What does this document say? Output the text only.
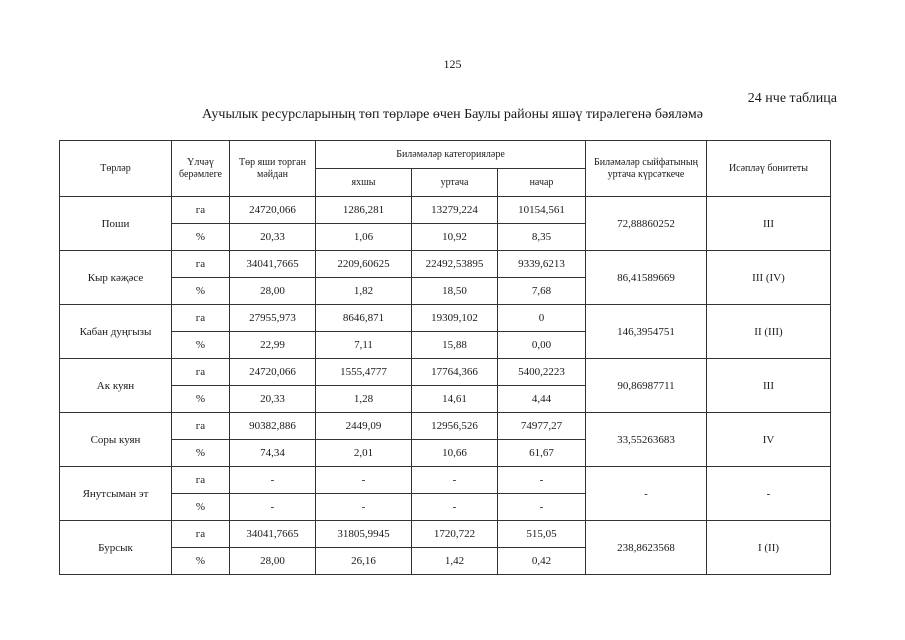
125
24 нче таблица
Аучылык ресурсларының төп төрләре өчен Баулы районы яшәү тирәлегенә бәяләмә
Төрләр	Үлчәү берәмлеге	Төр яши торган мәйдан	Биләмәләр категорияләре			Биләмәләр сыйфатының уртача күрсәткече	Исәпләү бонитеты
			яхшы	уртача	начар		
Поши	га	24720,066	1286,281	13279,224	10154,561	72,88860252	III
	%	20,33	1,06	10,92	8,35		
Кыр кәҗәсе	га	34041,7665	2209,60625	22492,53895	9339,6213	86,41589669	III (IV)
	%	28,00	1,82	18,50	7,68		
Кабан дуңгызы	га	27955,973	8646,871	19309,102	0	146,3954751	II (III)
	%	22,99	7,11	15,88	0,00		
Ак куян	га	24720,066	1555,4777	17764,366	5400,2223	90,86987711	III
	%	20,33	1,28	14,61	4,44		
Соры куян	га	90382,886	2449,09	12956,526	74977,27	33,55263683	IV
	%	74,34	2,01	10,66	61,67		
Янутсыман эт	га	-	-	-	-	-	-
	%	-	-	-	-		
Бурсык	га	34041,7665	31805,9945	1720,722	515,05	238,8623568	I (II)
	%	28,00	26,16	1,42	0,42		
